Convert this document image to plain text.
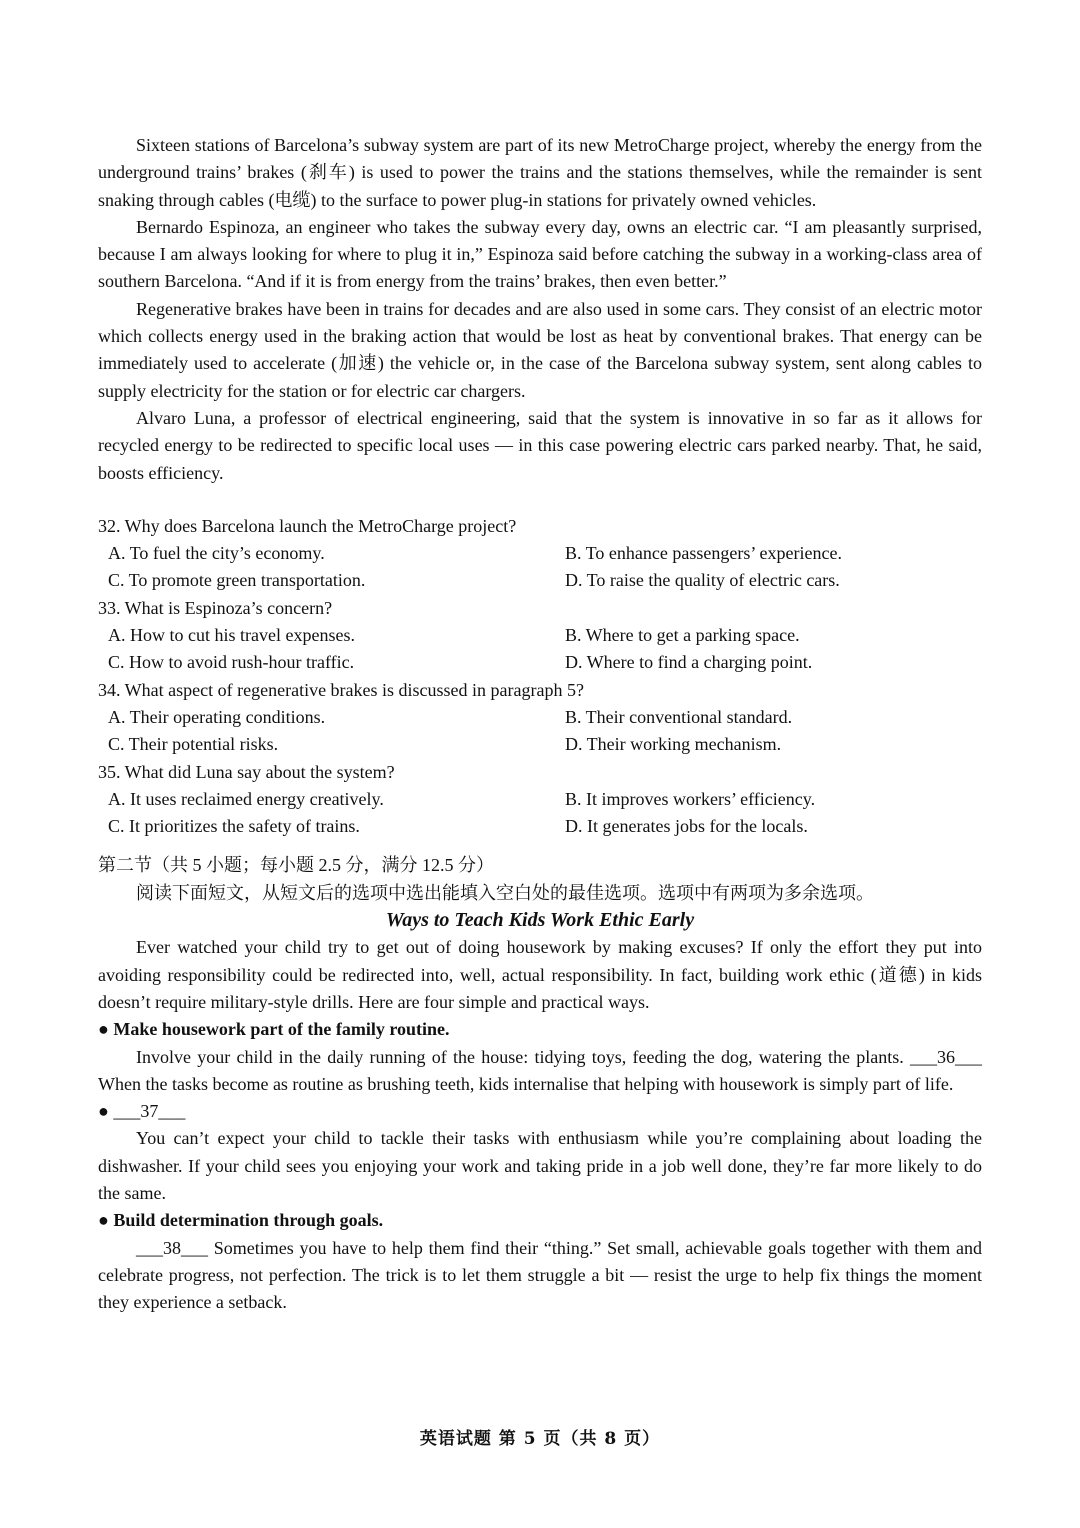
Sixteen stations of Barcelona’s subway system are part of its new MetroCharge project, whereby the energy from the underground trains’ brakes (刹车) is used to power the trains and the stations themselves, while the remainder is sent snaking through cables (电缆) to the surface to power plug-in stations for privately owned vehicles.

Bernardo Espinoza, an engineer who takes the subway every day, owns an electric car. “I am pleasantly surprised, because I am always looking for where to plug it in,” Espinoza said before catching the subway in a working-class area of southern Barcelona. “And if it is from energy from the trains’ brakes, then even better.”

Regenerative brakes have been in trains for decades and are also used in some cars. They consist of an electric motor which collects energy used in the braking action that would be lost as heat by conventional brakes. That energy can be immediately used to accelerate (加速) the vehicle or, in the case of the Barcelona subway system, sent along cables to supply electricity for the station or for electric car chargers.

Alvaro Luna, a professor of electrical engineering, said that the system is innovative in so far as it allows for recycled energy to be redirected to specific local uses — in this case powering electric cars parked nearby. That, he said, boosts efficiency.

32. Why does Barcelona launch the MetroCharge project?
A. To fuel the city’s economy.	B. To enhance passengers’ experience.
C. To promote green transportation.	D. To raise the quality of electric cars.
33. What is Espinoza’s concern?
A. How to cut his travel expenses.	B. Where to get a parking space.
C. How to avoid rush-hour traffic.	D. Where to find a charging point.
34. What aspect of regenerative brakes is discussed in paragraph 5?
A. Their operating conditions.	B. Their conventional standard.
C. Their potential risks.	D. Their working mechanism.
35. What did Luna say about the system?
A. It uses reclaimed energy creatively.	B. It improves workers’ efficiency.
C. It prioritizes the safety of trains.	D. It generates jobs for the locals.
第二节（共 5 小题；每小题 2.5 分，满分 12.5 分）
阅读下面短文，从短文后的选项中选出能填入空白处的最佳选项。选项中有两项为多余选项。
Ways to Teach Kids Work Ethic Early

Ever watched your child try to get out of doing housework by making excuses? If only the effort they put into avoiding responsibility could be redirected into, well, actual responsibility. In fact, building work ethic (道德) in kids doesn’t require military-style drills. Here are four simple and practical ways.

● Make housework part of the family routine.

Involve your child in the daily running of the house: tidying toys, feeding the dog, watering the plants. ___36___ When the tasks become as routine as brushing teeth, kids internalise that helping with housework is simply part of life.

● ___37___

You can’t expect your child to tackle their tasks with enthusiasm while you’re complaining about loading the dishwasher. If your child sees you enjoying your work and taking pride in a job well done, they’re far more likely to do the same.

● Build determination through goals.

___38___ Sometimes you have to help them find their “thing.” Set small, achievable goals together with them and celebrate progress, not perfection. The trick is to let them struggle a bit — resist the urge to help fix things the moment they experience a setback.

英语试题 第 5 页（共 8 页）
